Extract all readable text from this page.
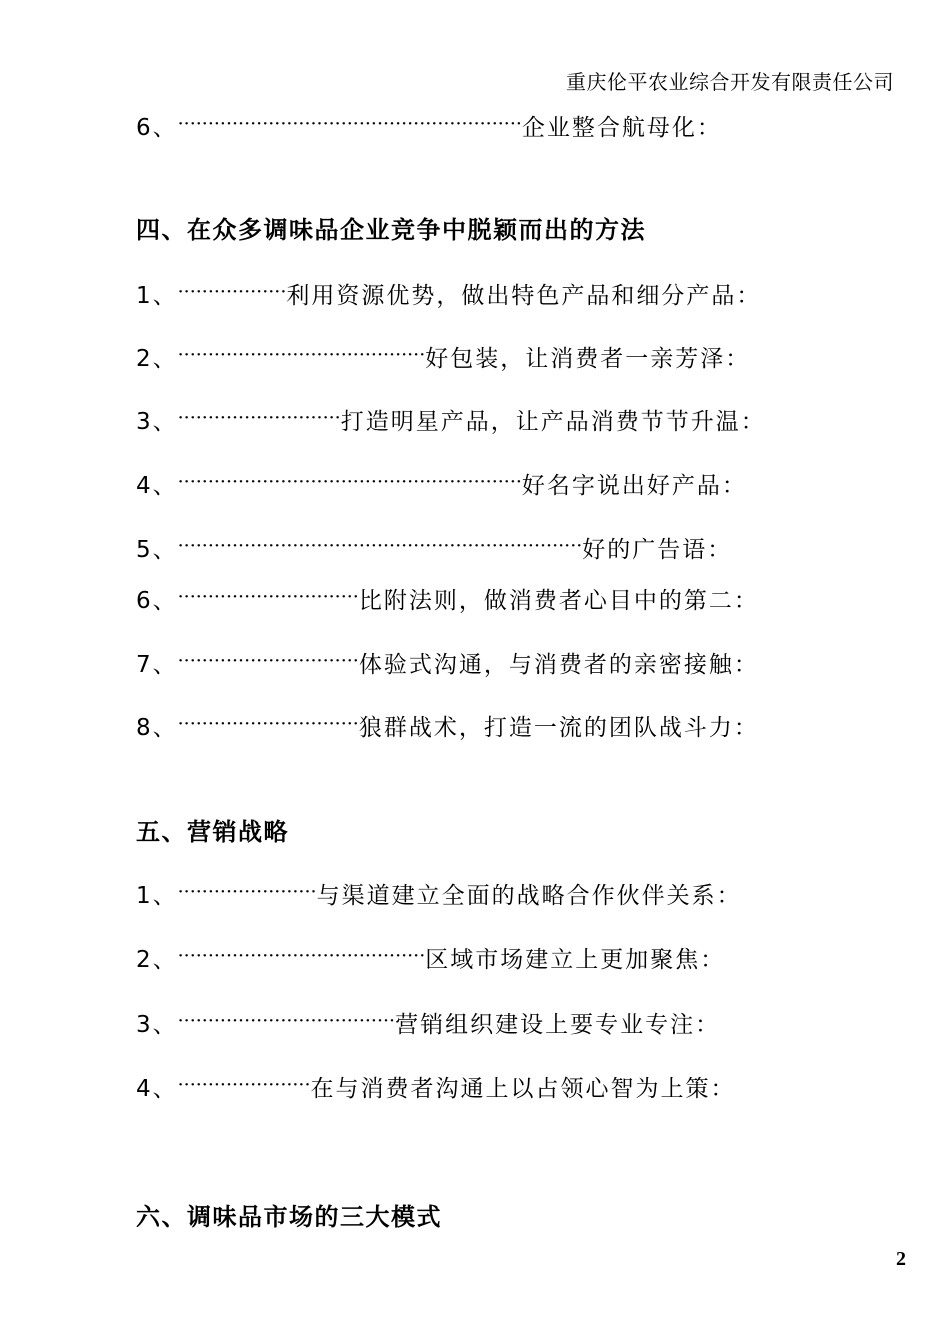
重庆伦平农业综合开发有限责任公司
6、 ························································· 企业整合航母化：
四、在众多调味品企业竞争中脱颖而出的方法
1、 ·················· 利用资源优势，做出特色产品和细分产品：
2、 ········································· 好包装，让消费者一亲芳泽：
3、 ··························· 打造明星产品，让产品消费节节升温：
4、 ························································· 好名字说出好产品：
5、 ··································································· 好的广告语：
6、 ······························ 比附法则，做消费者心目中的第二：
7、 ······························ 体验式沟通，与消费者的亲密接触：
8、 ······························ 狼群战术，打造一流的团队战斗力：
五、营销战略
1、 ······················· 与渠道建立全面的战略合作伙伴关系：
2、 ········································· 区域市场建立上更加聚焦：
3、 ···································· 营销组织建设上要专业专注：
4、 ······················ 在与消费者沟通上以占领心智为上策：
六、调味品市场的三大模式
2
